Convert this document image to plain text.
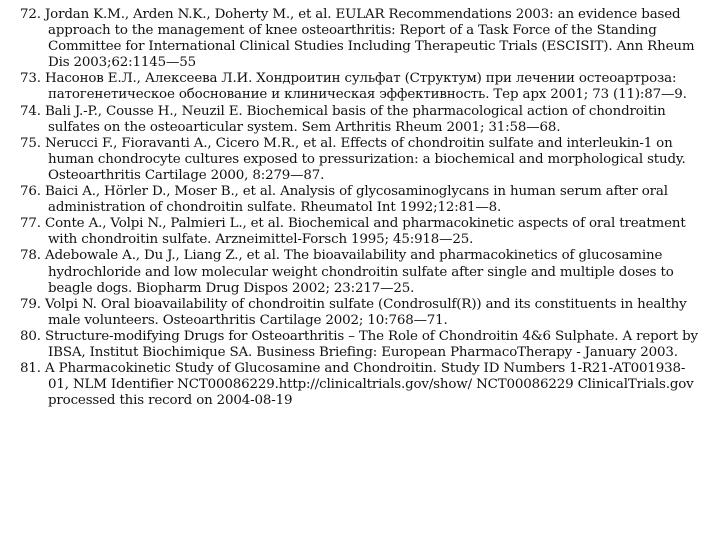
72. Jordan K.M., Arden N.K., Doherty M., et al. EULAR Recommendations 2003: an evidence based approach to the management of knee osteoarthritis: Report of a Task Force of the Standing Committee for International Clinical Studies Including Therapeutic Trials (ESCISIT). Ann Rheum Dis 2003;62:1145—55
73. Насонов Е.Л., Алексеева Л.И. Хондроитин сульфат (Структум) при лечении остеоартроза: патогенетическое обоснование и клиническая эффективность. Тер арх 2001; 73 (11):87—9.
74. Bali J.-P., Cousse H., Neuzil E. Biochemical basis of the pharmacological action of chondroitin sulfates on the osteoarticular system. Sem Arthritis Rheum 2001; 31:58—68.
75. Nerucci F., Fioravanti A., Cicero M.R., et al. Effects of chondroitin sulfate and interleukin-1 on human chondrocyte cultures exposed to pressurization: a biochemical and morphological study. Osteoarthritis Cartilage 2000, 8:279—87.
76. Baici A., Hörler D., Moser B., et al. Analysis of glycosaminoglycans in human serum after oral administration of chondroitin sulfate. Rheumatol Int 1992;12:81—8.
77. Conte A., Volpi N., Palmieri L., et al. Biochemical and pharmacokinetic aspects of oral treatment with chondroitin sulfate. Arzneimittel-Forsch 1995; 45:918—25.
78. Adebowale A., Du J., Liang Z., et al. The bioavailability and pharmacokinetics of glucosamine hydrochloride and low molecular weight chondroitin sulfate after single and multiple doses to beagle dogs. Biopharm Drug Dispos 2002; 23:217—25.
79. Volpi N. Oral bioavailability of chondroitin sulfate (Condrosulf(R)) and its constituents in healthy male volunteers. Osteoarthritis Cartilage 2002; 10:768—71.
80. Structure-modifying Drugs for Osteoarthritis – The Role of Chondroitin 4&6 Sulphate. A report by IBSA, Institut Biochimique SA. Business Briefing: European PharmacoTherapy - January 2003.
81. A Pharmacokinetic Study of Glucosamine and Chondroitin. Study ID Numbers 1-R21-AT001938-01, NLM Identifier NCT00086229.http://clinicaltrials.gov/show/ NCT00086229 ClinicalTrials.gov processed this record on 2004-08-19
